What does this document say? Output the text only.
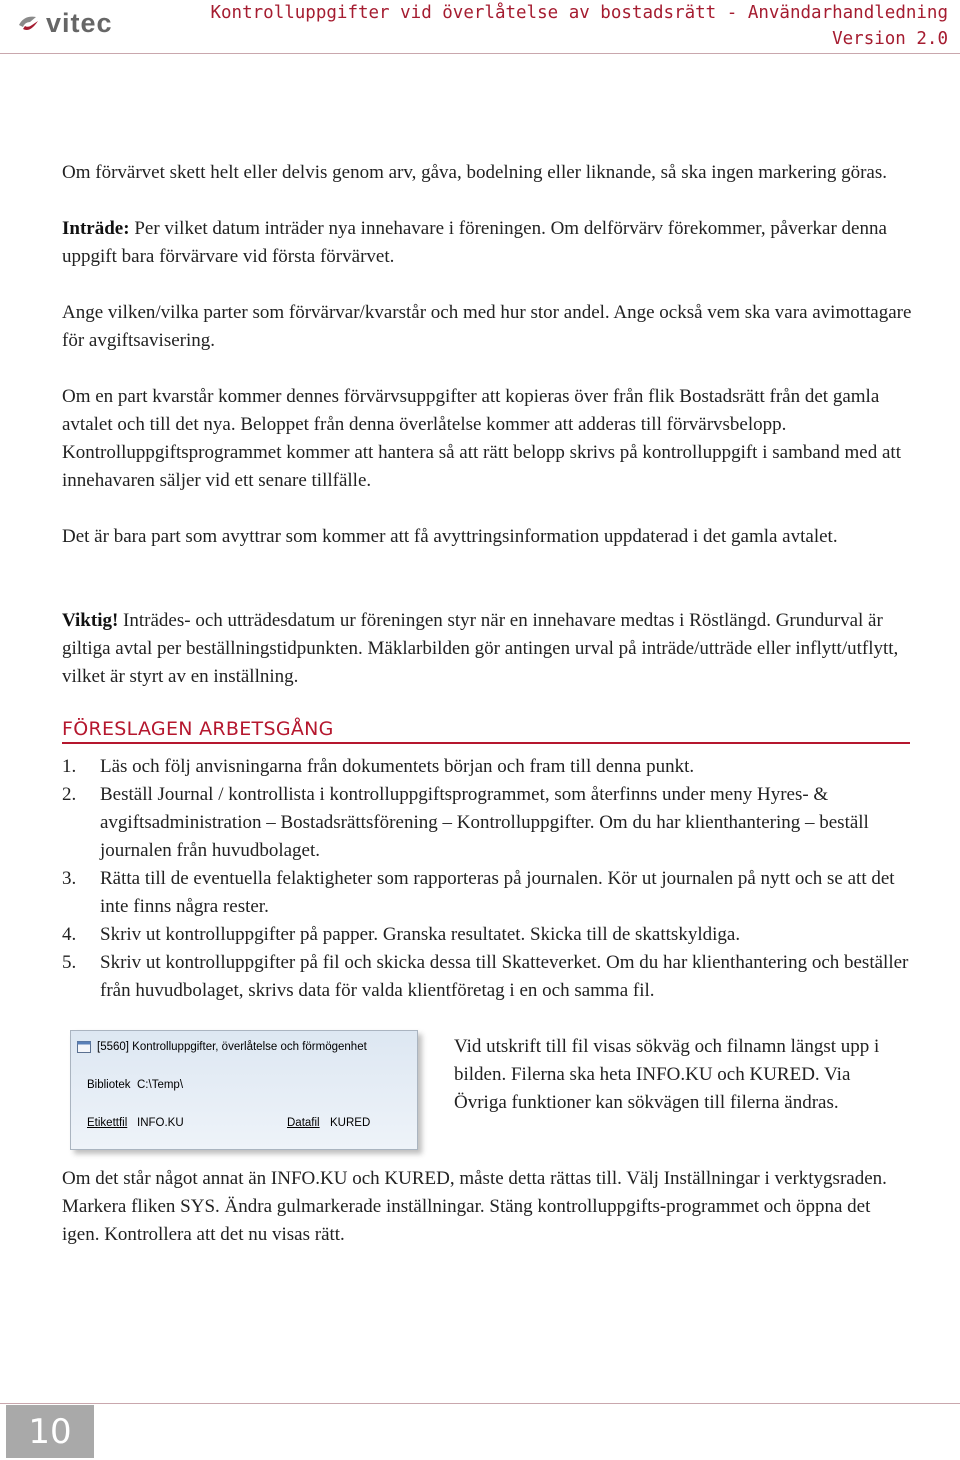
vitec	Kontrolluppgifter vid överlåtelse av bostadsrätt - Användarhandledning
Version 2.0

Om förvärvet skett helt eller delvis genom arv, gåva, bodelning eller liknande, så ska ingen markering göras.

Inträde: Per vilket datum inträder nya innehavare i föreningen. Om delförvärv förekommer, påverkar denna uppgift bara förvärvare vid första förvärvet.

Ange vilken/vilka parter som förvärvar/kvarstår och med hur stor andel. Ange också vem ska vara avimottagare för avgiftsavisering.

Om en part kvarstår kommer dennes förvärvsuppgifter att kopieras över från flik Bostadsrätt från det gamla avtalet och till det nya. Beloppet från denna överlåtelse kommer att adderas till förvärvsbelopp. Kontrolluppgiftsprogrammet kommer att hantera så att rätt belopp skrivs på kontrolluppgift i samband med att innehavaren säljer vid ett senare tillfälle.

Det är bara part som avyttrar som kommer att få avyttringsinformation uppdaterad i det gamla avtalet.

Viktig! Inträdes- och utträdesdatum ur föreningen styr när en innehavare medtas i Röstlängd. Grundurval är giltiga avtal per beställningstidpunkten. Mäklarbilden gör antingen urval på inträde/utträde eller inflytt/utflytt, vilket är styrt av en inställning.

FÖRESLAGEN ARBETSGÅNG
1. Läs och följ anvisningarna från dokumentets början och fram till denna punkt.
2. Beställ Journal / kontrollista i kontrolluppgiftsprogrammet, som återfinns under meny Hyres- & avgiftsadministration – Bostadsrättsförening – Kontrolluppgifter. Om du har klienthantering – beställ journalen från huvudbolaget.
3. Rätta till de eventuella felaktigheter som rapporteras på journalen. Kör ut journalen på nytt och se att det inte finns några rester.
4. Skriv ut kontrolluppgifter på papper. Granska resultatet. Skicka till de skattskyldiga.
5. Skriv ut kontrolluppgifter på fil och skicka dessa till Skatteverket. Om du har klienthantering och beställer från huvudbolaget, skrivs data för valda klientföretag i en och samma fil.
[5560] Kontrolluppgifter, överlåtelse och förmögenhet
Bibliotek C:\Temp\
Etikettfil INFO.KU	Datafil KURED

Vid utskrift till fil visas sökväg och filnamn längst upp i bilden. Filerna ska heta INFO.KU och KURED. Via Övriga funktioner kan sökvägen till filerna ändras.

Om det står något annat än INFO.KU och KURED, måste detta rättas till. Välj Inställningar i verktygsraden. Markera fliken SYS. Ändra gulmarkerade inställningar. Stäng kontrolluppgifts-programmet och öppna det igen. Kontrollera att det nu visas rätt.

10
